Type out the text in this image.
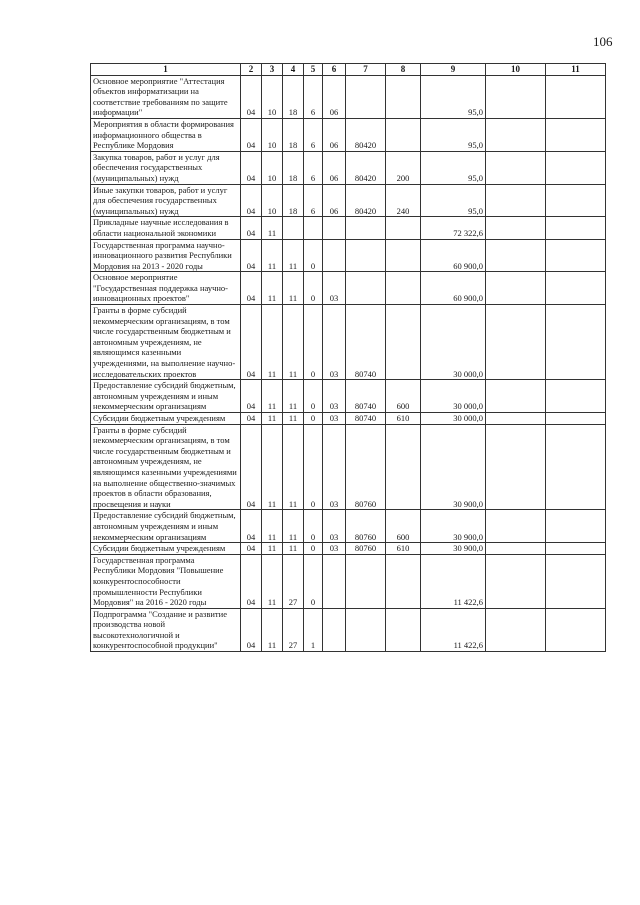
106
1	2	3	4	5	6	7	8	9	10	11
Основное мероприятие "Аттестация объектов информатизации на соответствие требованиям по защите информации"	04	10	18	6	06			95,0		
Мероприятия в области формирования информационного общества в Республике Мордовия	04	10	18	6	06	80420		95,0		
Закупка товаров, работ и услуг для обеспечения государственных (муниципальных) нужд	04	10	18	6	06	80420	200	95,0		
Иные закупки товаров, работ и услуг для обеспечения государственных (муниципальных) нужд	04	10	18	6	06	80420	240	95,0		
Прикладные научные исследования в области национальной экономики	04	11						72 322,6		
Государственная программа научно-инновационного развития Республики Мордовия на 2013 - 2020 годы	04	11	11	0				60 900,0		
Основное мероприятие "Государственная поддержка научно-инновационных проектов"	04	11	11	0	03			60 900,0		
Гранты в форме субсидий некоммерческим организациям, в том числе государственным бюджетным и автономным учреждениям, не являющимся казенными учреждениями, на выполнение научно-исследовательских проектов	04	11	11	0	03	80740		30 000,0		
Предоставление субсидий бюджетным, автономным учреждениям и иным некоммерческим организациям	04	11	11	0	03	80740	600	30 000,0		
Субсидии бюджетным учреждениям	04	11	11	0	03	80740	610	30 000,0		
Гранты в форме субсидий некоммерческим организациям, в том числе государственным бюджетным и автономным учреждениям, не являющимся казенными учреждениями на выполнение общественно-значимых проектов в области образования, просвещения и науки	04	11	11	0	03	80760		30 900,0		
Предоставление субсидий бюджетным, автономным учреждениям и иным некоммерческим организациям	04	11	11	0	03	80760	600	30 900,0		
Субсидии бюджетным учреждениям	04	11	11	0	03	80760	610	30 900,0		
Государственная программа Республики Мордовия "Повышение конкурентоспособности промышленности Республики Мордовия" на 2016 - 2020 годы	04	11	27	0				11 422,6		
Подпрограмма "Создание и развитие производства новой высокотехнологичной и конкурентоспособной продукции"	04	11	27	1				11 422,6		
